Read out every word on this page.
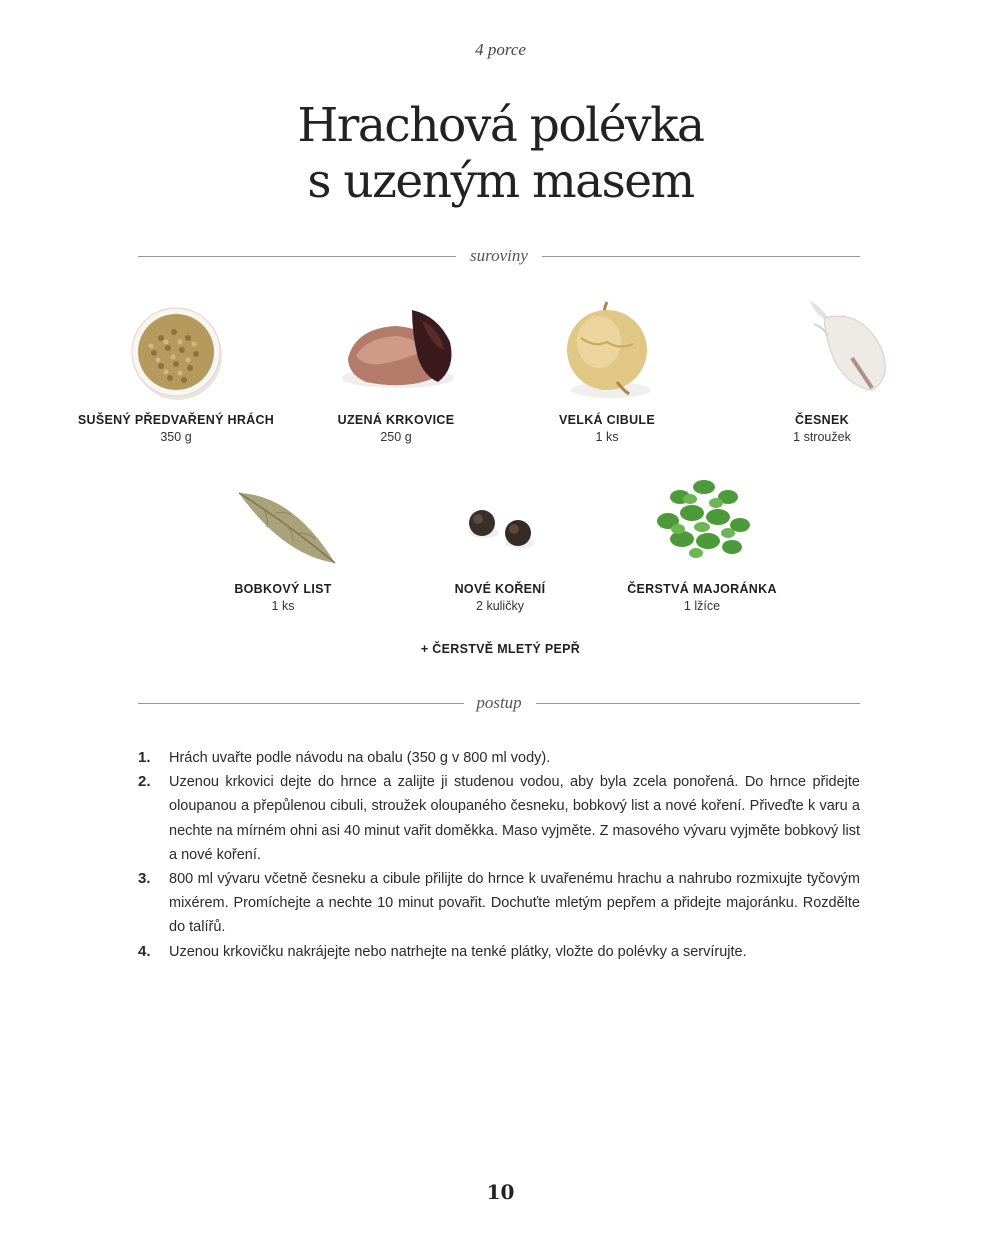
4 porce
Hrachová polévka
s uzeným masem
suroviny
SUŠENÝ PŘEDVAŘENÝ HRÁCH
350 g
UZENÁ KRKOVICE
250 g
VELKÁ CIBULE
1 ks
ČESNEK
1 stroužek
BOBKOVÝ LIST
1 ks
NOVÉ KOŘENÍ
2 kuličky
ČERSTVÁ MAJORÁNKA
1 lžíce
+ ČERSTVĚ MLETÝ PEPŘ
postup
1. Hrách uvařte podle návodu na obalu (350 g v 800 ml vody).
2. Uzenou krkovici dejte do hrnce a zalijte ji studenou vodou, aby byla zcela ponořená. Do hrnce přidejte oloupanou a přepůlenou cibuli, stroužek oloupaného česneku, bobkový list a nové koření. Přiveďte k varu a nechte na mírném ohni asi 40 minut vařit doměkka. Maso vyjměte. Z masového vývaru vyjměte bobkový list a nové koření.
3. 800 ml vývaru včetně česneku a cibule přilijte do hrnce k uvařenému hrachu a nahrubo rozmixujte tyčovým mixérem. Promíchejte a nechte 10 minut povařit. Dochuťte mletým pepřem a přidejte majoránku. Rozdělte do talířů.
4. Uzenou krkovičku nakrájejte nebo natrhejte na tenké plátky, vložte do polévky a servírujte.
10
